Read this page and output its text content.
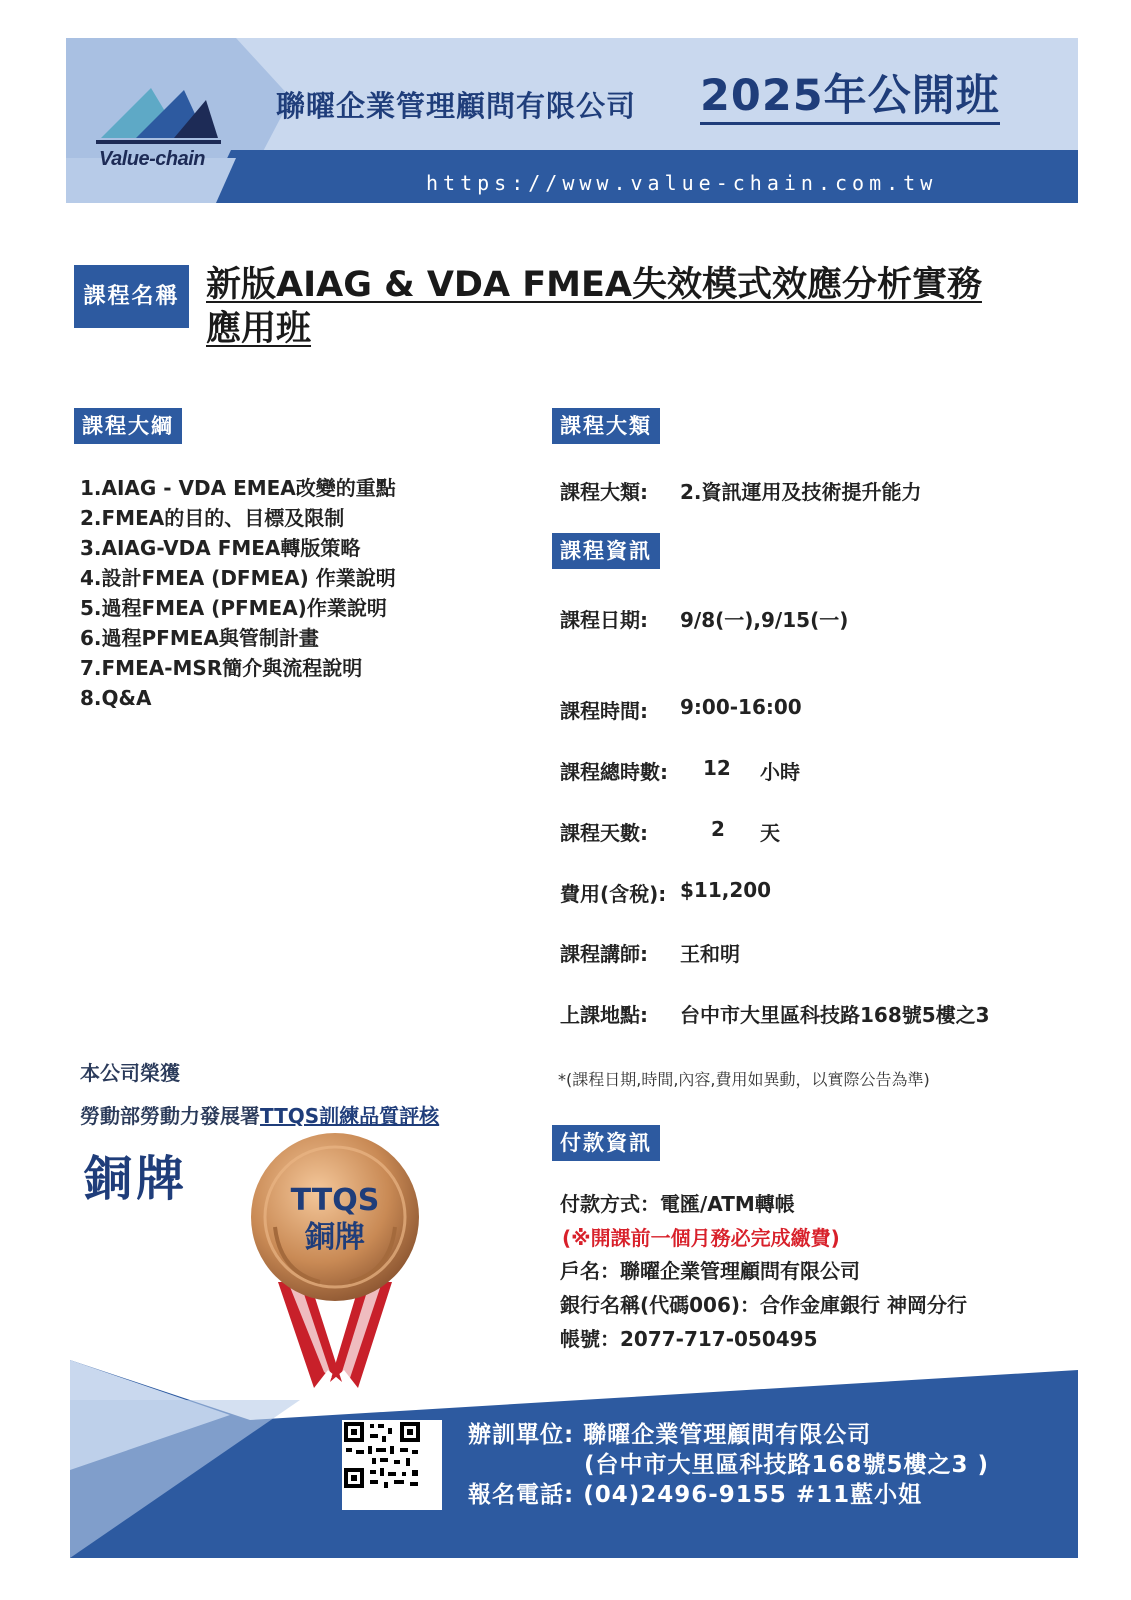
Value-chain
聯曜企業管理顧問有限公司 2025年公開班
https://www.value-chain.com.tw
課程名稱 新版AIAG & VDA FMEA失效模式效應分析實務
應用班
課程大綱
1.AIAG - VDA EMEA改變的重點
2.FMEA的目的、目標及限制
3.AIAG-VDA FMEA轉版策略
4.設計FMEA (DFMEA) 作業說明
5.過程FMEA (PFMEA)作業說明
6.過程PFMEA與管制計畫
7.FMEA-MSR簡介與流程說明
8.Q&A
課程大類
課程大類: 2.資訊運用及技術提升能力
課程資訊
課程日期: 9/8(一),9/15(一)
課程時間: 9:00-16:00
課程總時數: 12 小時
課程天數:	2 天
費用(含稅): $11,200
課程講師: 王和明
上課地點: 台中市大里區科技路168號5樓之3
*(課程日期,時間,內容,費用如異動，以實際公告為準)
本公司榮獲
勞動部勞動力發展署TTQS訓練品質評核
銅牌	TTQS
銅牌
付款資訊
付款方式：電匯/ATM轉帳
(※開課前一個月務必完成繳費)
戶名：聯曜企業管理顧問有限公司
銀行名稱(代碼006)：合作金庫銀行 神岡分行
帳號：2077-717-050495
辦訓單位: 聯曜企業管理顧問有限公司
(台中市大里區科技路168號5樓之3 )
報名電話: (04)2496-9155 #11藍小姐
